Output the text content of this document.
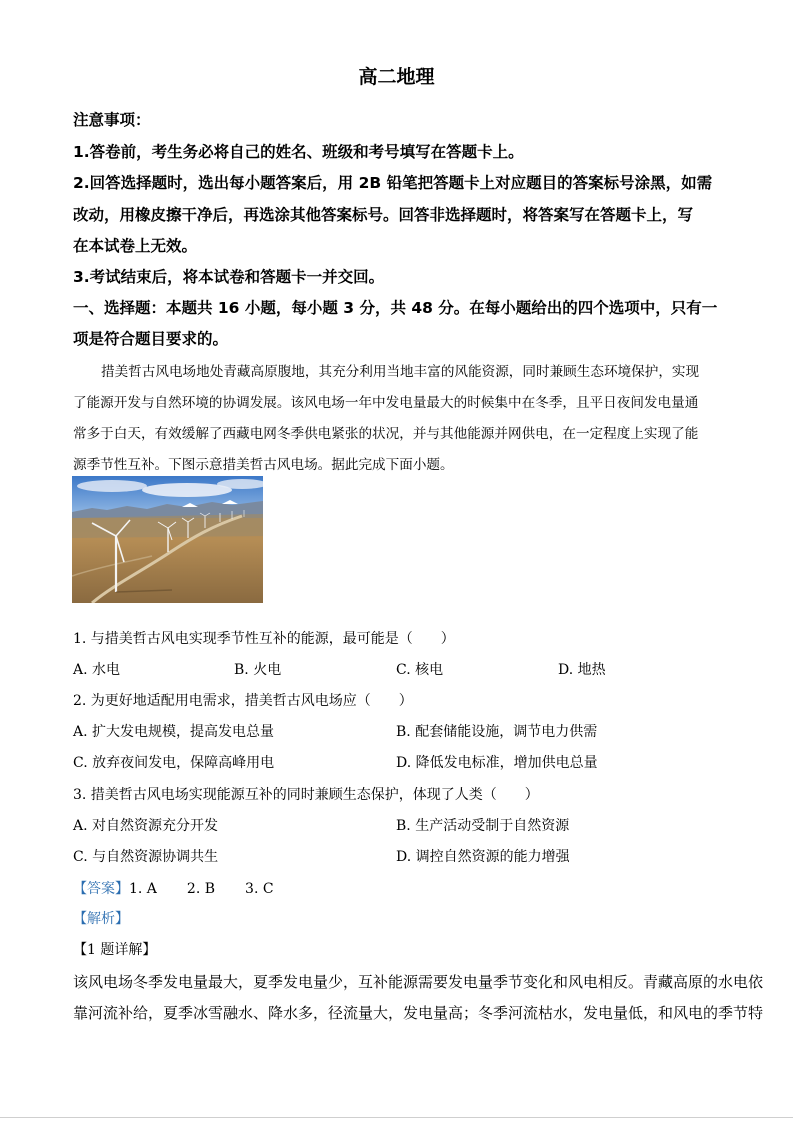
高二地理
注意事项：
1.答卷前，考生务必将自己的姓名、班级和考号填写在答题卡上。
2.回答选择题时，选出每小题答案后，用 2B 铅笔把答题卡上对应题目的答案标号涂黑，如需
改动，用橡皮擦干净后，再选涂其他答案标号。回答非选择题时，将答案写在答题卡上，写
在本试卷上无效。
3.考试结束后，将本试卷和答题卡一并交回。
一、选择题：本题共 16 小题，每小题 3 分，共 48 分。在每小题给出的四个选项中，只有一
项是符合题目要求的。
措美哲古风电场地处青藏高原腹地，其充分利用当地丰富的风能资源，同时兼顾生态环境保护，实现
了能源开发与自然环境的协调发展。该风电场一年中发电量最大的时候集中在冬季，且平日夜间发电量通
常多于白天，有效缓解了西藏电网冬季供电紧张的状况，并与其他能源并网供电，在一定程度上实现了能
源季节性互补。下图示意措美哲古风电场。据此完成下面小题。
1. 与措美哲古风电实现季节性互补的能源，最可能是（　　）
A. 水电	B. 火电	C. 核电	D. 地热
2. 为更好地适配用电需求，措美哲古风电场应（　　）
A. 扩大发电规模，提高发电总量	B. 配套储能设施，调节电力供需
C. 放弃夜间发电，保障高峰用电	D. 降低发电标准，增加供电总量
3. 措美哲古风电场实现能源互补的同时兼顾生态保护，体现了人类（　　）
A. 对自然资源充分开发	B. 生产活动受制于自然资源
C. 与自然资源协调共生	D. 调控自然资源的能力增强
【答案】1. A 2. B 3. C
【解析】
【1 题详解】
该风电场冬季发电量最大，夏季发电量少，互补能源需要发电量季节变化和风电相反。青藏高原的水电依
靠河流补给，夏季冰雪融水、降水多，径流量大，发电量高；冬季河流枯水，发电量低，和风电的季节特
